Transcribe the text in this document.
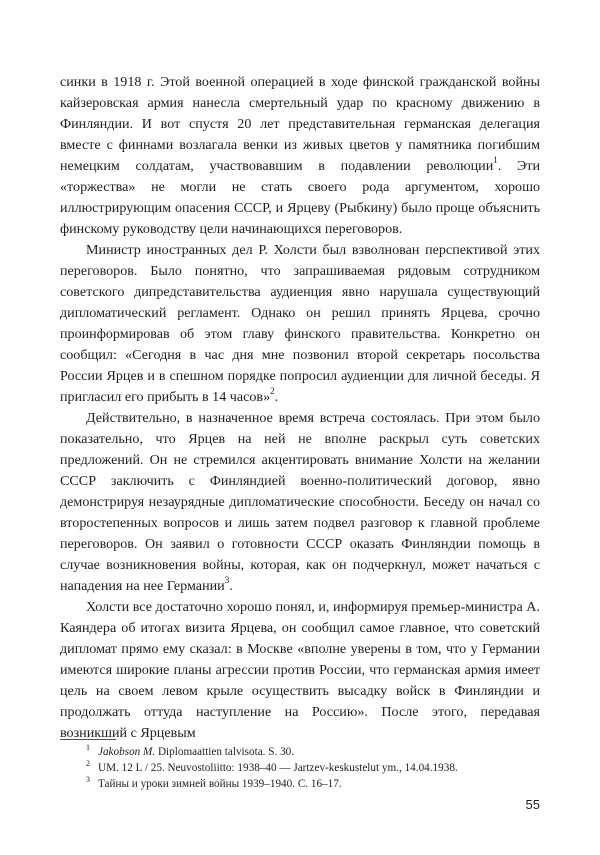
синки в 1918 г. Этой военной операцией в ходе финской гражданской войны кайзеровская армия нанесла смертельный удар по красному движению в Финляндии. И вот спустя 20 лет представительная германская делегация вместе с финнами возлагала венки из живых цветов у памятника погибшим немецким солдатам, участвовавшим в подавлении революции$^1$. Эти «торжества» не могли не стать своего рода аргументом, хорошо иллюстрирующим опасения СССР, и Ярцеву (Рыбкину) было проще объяснить финскому руководству цели начинающихся переговоров.

Министр иностранных дел Р. Холсти был взволнован перспективой этих переговоров. Было понятно, что запрашиваемая рядовым сотрудником советского дипредставительства аудиенция явно нарушала существующий дипломатический регламент. Однако он решил принять Ярцева, срочно проинформировав об этом главу финского правительства. Конкретно он сообщил: «Сегодня в час дня мне позвонил второй секретарь посольства России Ярцев и в спешном порядке попросил аудиенции для личной беседы. Я пригласил его прибыть в 14 часов»$^2$.

Действительно, в назначенное время встреча состоялась. При этом было показательно, что Ярцев на ней не вполне раскрыл суть советских предложений. Он не стремился акцентировать внимание Холсти на желании СССР заключить с Финляндией военно-политический договор, явно демонстрируя незаурядные дипломатические способности. Беседу он начал со второстепенных вопросов и лишь затем подвел разговор к главной проблеме переговоров. Он заявил о готовности СССР оказать Финляндии помощь в случае возникновения войны, которая, как он подчеркнул, может начаться с нападения на нее Германии$^3$.

Холсти все достаточно хорошо понял, и, информируя премьер-министра А. Каяндера об итогах визита Ярцева, он сообщил самое главное, что советский дипломат прямо ему сказал: в Москве «вполне уверены в том, что у Германии имеются широкие планы агрессии против России, что германская армия имеет цель на своем левом крыле осуществить высадку войск в Финляндии и продолжать оттуда наступление на Россию». После этого, передавая возникший с Ярцевым

1 Jakobson M. Diplomaattien talvisota. S. 30.
2 UM. 12 L / 25. Neuvostoliitto: 1938–40 — Jartzev-keskustelut ym., 14.04.1938.
3 Тайны и уроки зимней войны 1939–1940. С. 16–17.
55
